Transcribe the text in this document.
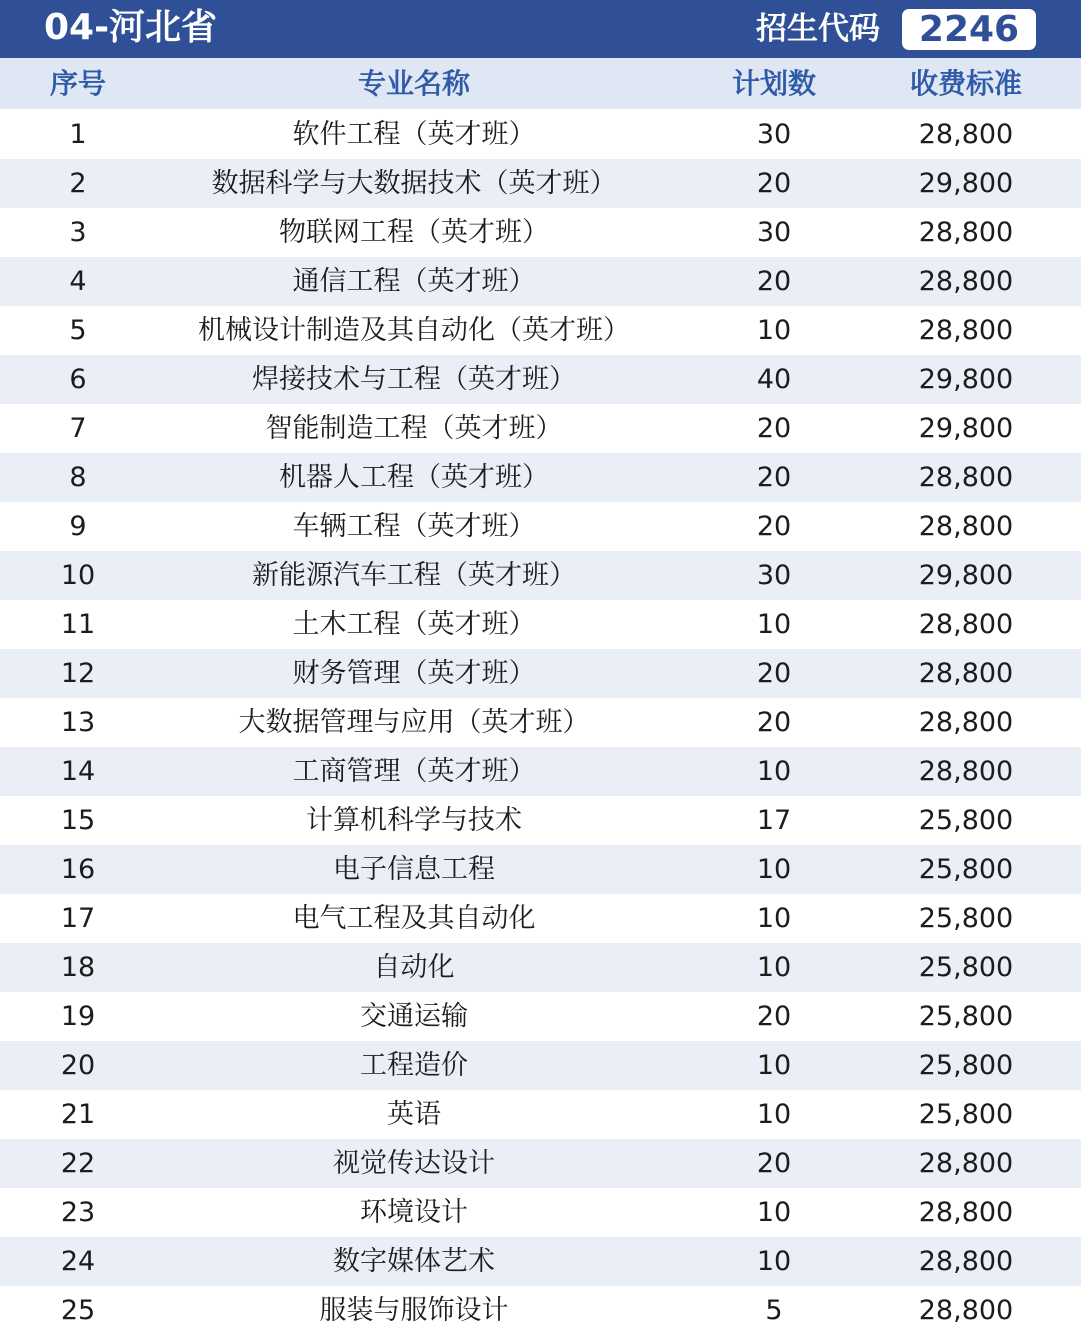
04-河北省	招生代码	2246
序号	专业名称	计划数	收费标准
1	软件工程（英才班）	30	28,800
2	数据科学与大数据技术（英才班）	20	29,800
3	物联网工程（英才班）	30	28,800
4	通信工程（英才班）	20	28,800
5	机械设计制造及其自动化（英才班）	10	28,800
6	焊接技术与工程（英才班）	40	29,800
7	智能制造工程（英才班）	20	29,800
8	机器人工程（英才班）	20	28,800
9	车辆工程（英才班）	20	28,800
10	新能源汽车工程（英才班）	30	29,800
11	土木工程（英才班）	10	28,800
12	财务管理（英才班）	20	28,800
13	大数据管理与应用（英才班）	20	28,800
14	工商管理（英才班）	10	28,800
15	计算机科学与技术	17	25,800
16	电子信息工程	10	25,800
17	电气工程及其自动化	10	25,800
18	自动化	10	25,800
19	交通运输	20	25,800
20	工程造价	10	25,800
21	英语	10	25,800
22	视觉传达设计	20	28,800
23	环境设计	10	28,800
24	数字媒体艺术	10	28,800
25	服装与服饰设计	5	28,800
